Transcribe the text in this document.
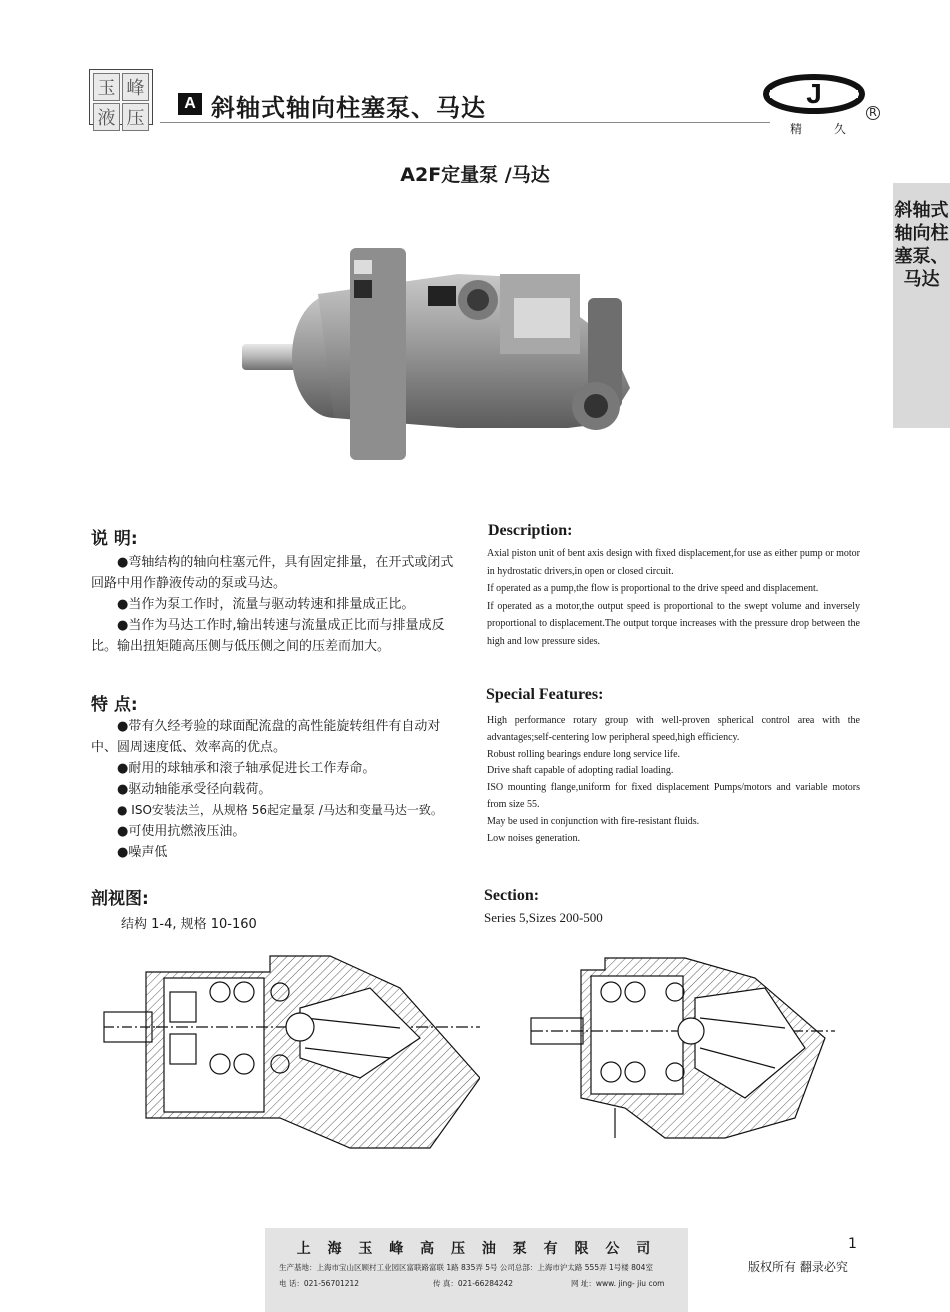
玉 峰
液 压
A 斜轴式轴向柱塞泵、马达	J
精 久
R
A2F定量泵 /马达
斜轴式轴向柱塞泵、马达
说 明:

●弯轴结构的轴向柱塞元件，具有固定排量，在开式或闭式回路中用作静液传动的泵或马达。

●当作为泵工作时，流量与驱动转速和排量成正比。

●当作为马达工作时,输出转速与流量成正比而与排量成反比。输出扭矩随高压侧与低压侧之间的压差而加大。

Description:

Axial piston unit of bent axis design with fixed displacement,for use as either pump or motor in hydrostatic drivers,in open or closed circuit.

If operated as a pump,the flow is proportional to the drive speed and displacement.

If operated as a motor,the output speed is proportional to the swept volume and inversely proportional to displacement.The output torque increases with the pressure drop between the high and low pressure sides.

特 点:

●带有久经考验的球面配流盘的高性能旋转组件有自动对中、圆周速度低、效率高的优点。

●耐用的球轴承和滚子轴承促进长工作寿命。

●驱动轴能承受径向载荷。

● ISO安装法兰，从规格 56起定量泵 /马达和变量马达一致。

●可使用抗燃液压油。

●噪声低

Special Features:

High performance rotary group with well-proven spherical control area with the advantages;self-centering low peripheral speed,high efficiency.

Robust rolling bearings endure long service life.

Drive shaft capable of adopting radial loading.

ISO mounting flange,uniform for fixed displacement Pumps/motors and variable motors from size 55.

May be used in conjunction with fire-resistant fluids.

Low noises generation.

剖视图:
结构 1-4, 规格 10-160
Section:
Series 5,Sizes 200-500
上 海 玉 峰 高 压 油 泵 有 限 公 司
生产基地：上海市宝山区顾村工业园区富联路富联 1路 835弄 5号 公司总部：上海市沪太路 555弄 1号楼 804室
电 话：021-56701212	传 真：021-66284242	网 址：www. jing- jiu com
1
版权所有 翻录必究
